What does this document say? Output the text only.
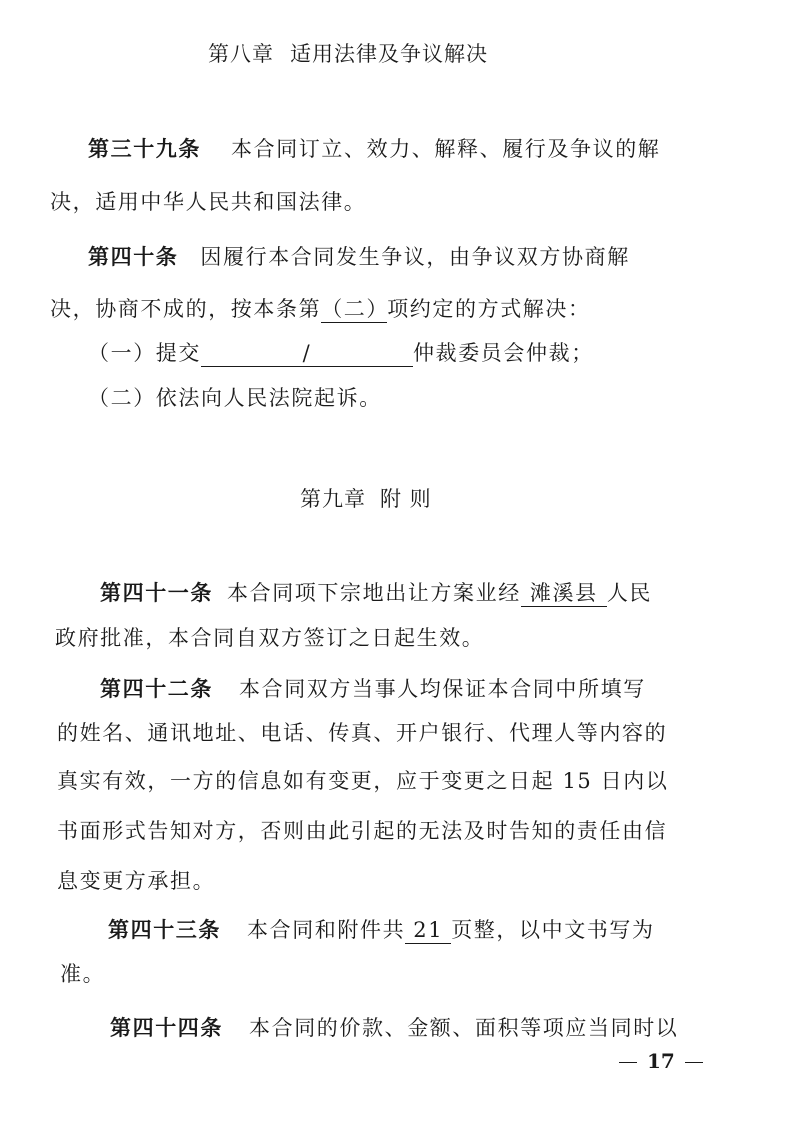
第八章 适用法律及争议解决
第三十九条 本合同订立、效力、解释、履行及争议的解
决，适用中华人民共和国法律。
第四十条 因履行本合同发生争议，由争议双方协商解
决，协商不成的，按本条第（二）项约定的方式解决：
（一）提交	/	仲裁委员会仲裁；
（二）依法向人民法院起诉。
第九章 附 则
第四十一条 本合同项下宗地出让方案业经 滩溪县 人民
政府批准，本合同自双方签订之日起生效。
第四十二条 本合同双方当事人均保证本合同中所填写
的姓名、通讯地址、电话、传真、开户银行、代理人等内容的
真实有效，一方的信息如有变更，应于变更之日起 15 日内以
书面形式告知对方，否则由此引起的无法及时告知的责任由信
息变更方承担。
第四十三条 本合同和附件共 21 页整，以中文书写为
准。
第四十四条 本合同的价款、金额、面积等项应当同时以
17
